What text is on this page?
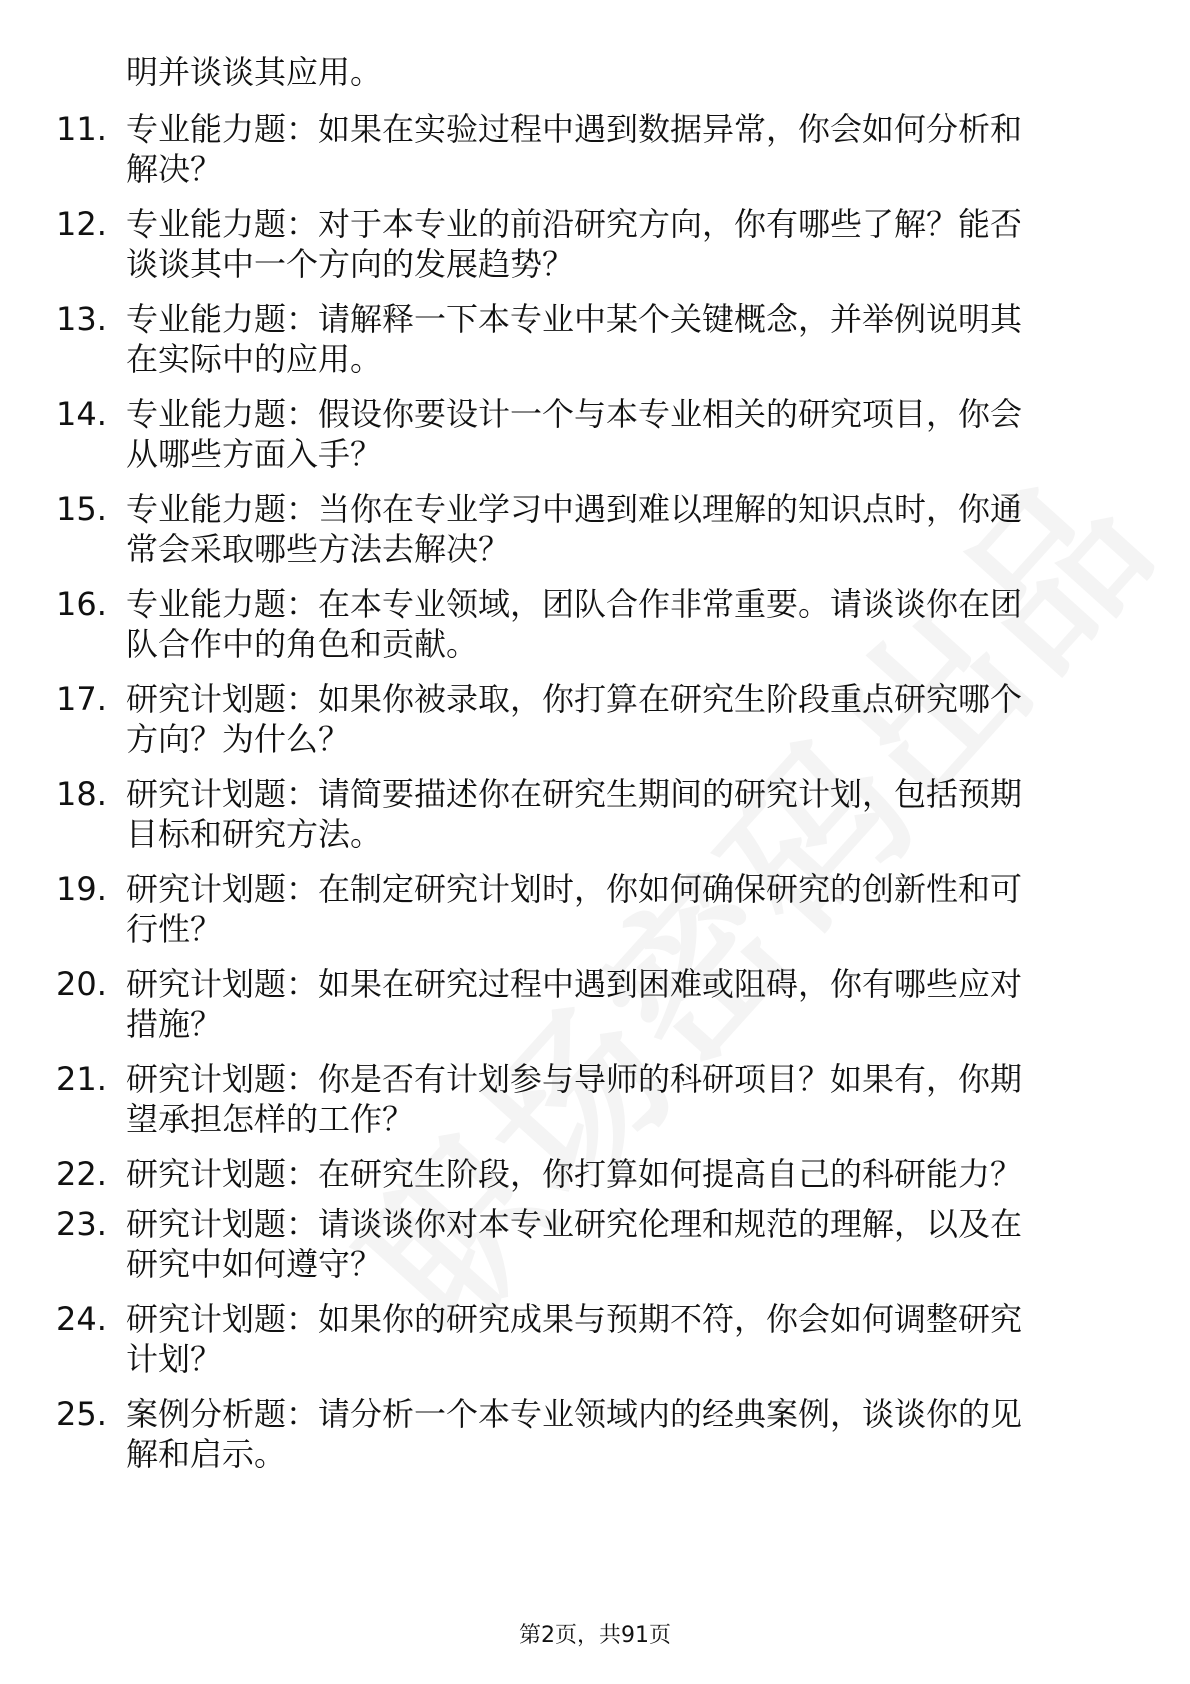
明并谈谈其应用。
11. 专业能力题：如果在实验过程中遇到数据异常，你会如何分析和
解决？
12. 专业能力题：对于本专业的前沿研究方向，你有哪些了解？能否
谈谈其中一个方向的发展趋势？
13. 专业能力题：请解释一下本专业中某个关键概念，并举例说明其
在实际中的应用。
14. 专业能力题：假设你要设计一个与本专业相关的研究项目，你会
从哪些方面入手？
15. 专业能力题：当你在专业学习中遇到难以理解的知识点时，你通
常会采取哪些方法去解决？
16. 专业能力题：在本专业领域，团队合作非常重要。请谈谈你在团
队合作中的角色和贡献。
17. 研究计划题：如果你被录取，你打算在研究生阶段重点研究哪个
方向？为什么？
18. 研究计划题：请简要描述你在研究生期间的研究计划，包括预期
目标和研究方法。
19. 研究计划题：在制定研究计划时，你如何确保研究的创新性和可
行性？
20. 研究计划题：如果在研究过程中遇到困难或阻碍，你有哪些应对
措施？
21. 研究计划题：你是否有计划参与导师的科研项目？如果有，你期
望承担怎样的工作？
22. 研究计划题：在研究生阶段，你打算如何提高自己的科研能力？
23. 研究计划题：请谈谈你对本专业研究伦理和规范的理解，以及在
研究中如何遵守？
24. 研究计划题：如果你的研究成果与预期不符，你会如何调整研究
计划？
25. 案例分析题：请分析一个本专业领域内的经典案例，谈谈你的见
解和启示。
第2页，共91页
